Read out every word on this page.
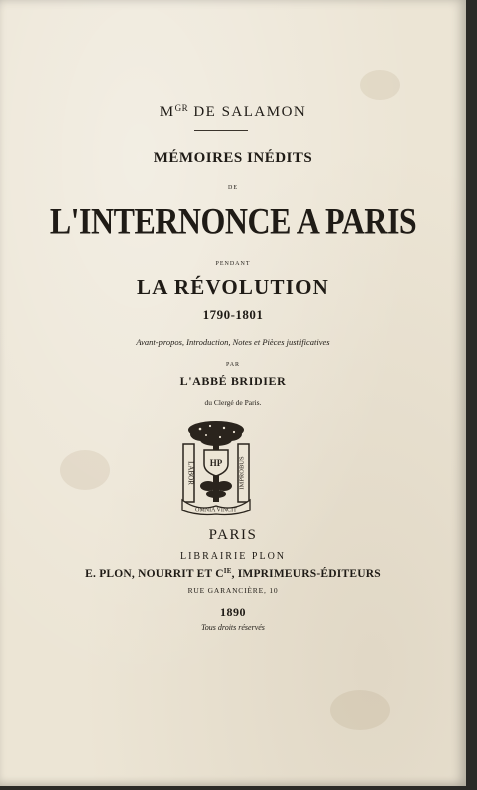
$M^{GR}$ DE SALAMON
MÉMOIRES INÉDITS
DE
L'INTERNONCE A PARIS
PENDANT
LA RÉVOLUTION
1790-1801
Avant-propos, Introduction, Notes et Pièces justificatives
PAR
L'ABBÉ BRIDIER
du Clergé de Paris.
LABOR	IMPROBUS
HP
OMNIA VINCIT
PARIS
LIBRAIRIE PLON
E. PLON, NOURRIT ET $C^{IE}$, IMPRIMEURS-ÉDITEURS
RUE GARANCIÈRE, 10
1890
Tous droits réservés
